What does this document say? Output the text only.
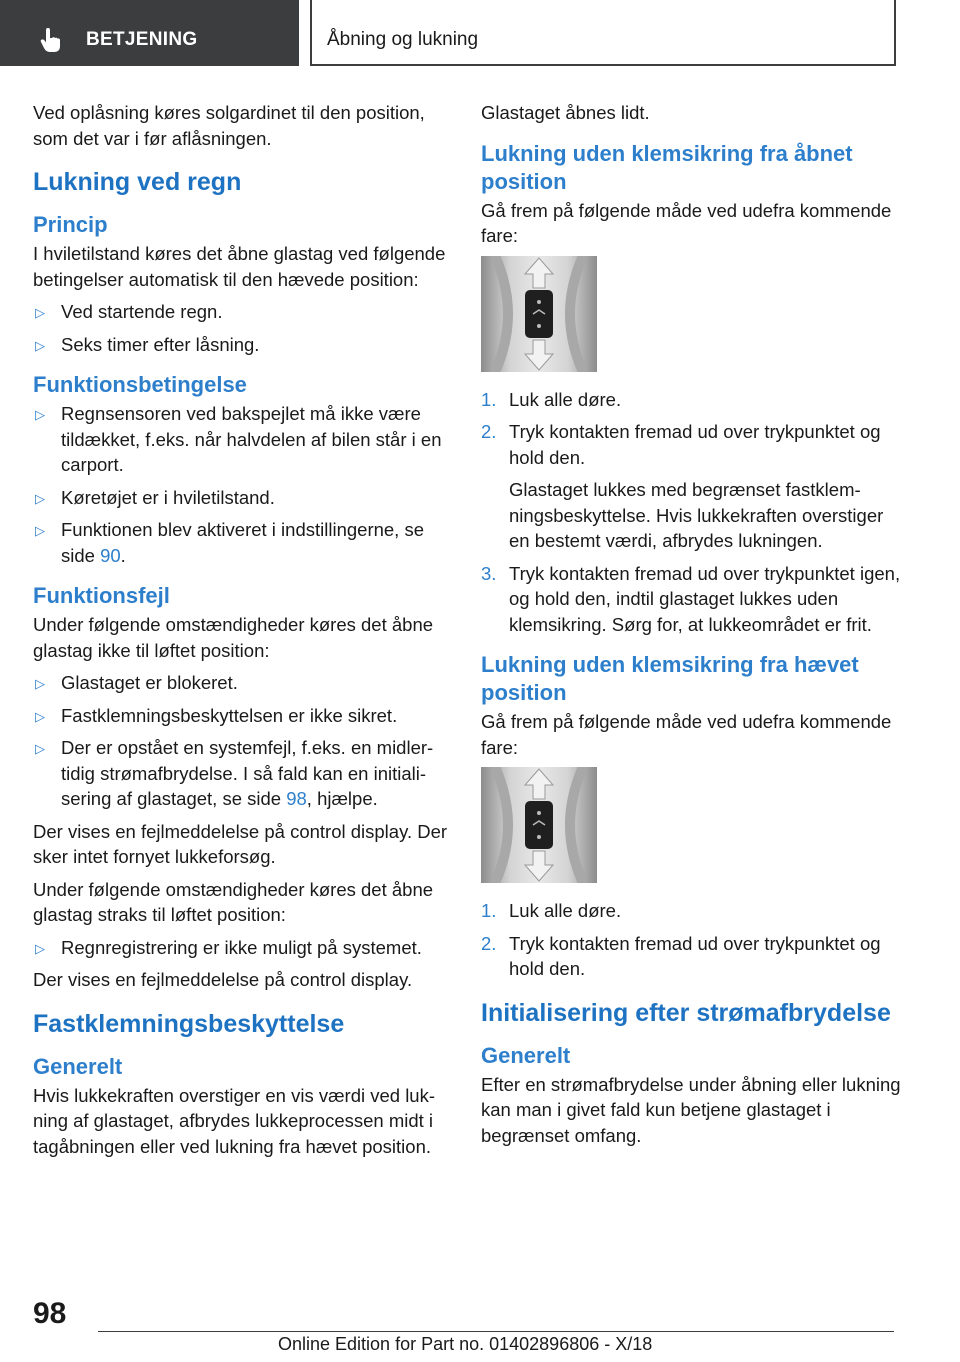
BETJENING	Åbning og lukning

Ved oplåsning køres solgardinet til den position, som det var i før aflåsningen.

Lukning ved regn
Princip

I hviletilstand køres det åbne glastag ved følgende betingelser automatisk til den hævede position:

▷ Ved startende regn.
▷ Seks timer efter låsning.
Funktionsbetingelse
▷ Regnsensoren ved bakspejlet må ikke være tildækket, f.eks. når halvdelen af bilen står i en carport.
▷ Køretøjet er i hviletilstand.
▷ Funktionen blev aktiveret i indstillingerne, se side 90.
Funktionsfejl

Under følgende omstændigheder køres det åbne glastag ikke til løftet position:

▷ Glastaget er blokeret.
▷ Fastklemningsbeskyttelsen er ikke sikret.
▷ Der er opstået en systemfejl, f.eks. en midlertidig strømafbrydelse. I så fald kan en initialisering af glastaget, se side 98, hjælpe.

Der vises en fejlmeddelelse på control display. Der sker intet fornyet lukkeforsøg.

Under følgende omstændigheder køres det åbne glastag straks til løftet position:

▷ Regnregistrering er ikke muligt på systemet.

Der vises en fejlmeddelelse på control display.

Fastklemningsbeskyttelse
Generelt

Hvis lukkekraften overstiger en vis værdi ved lukning af glastaget, afbrydes lukkeprocessen midt i tagåbningen eller ved lukning fra hævet position.

Glastaget åbnes lidt.

Lukning uden klemsikring fra åbnet position

Gå frem på følgende måde ved udefra kommende fare:

1. Luk alle døre.
2. Tryk kontakten fremad ud over trykpunktet og hold den.
Glastaget lukkes med begrænset fastklemningsbeskyttelse. Hvis lukkekraften overstiger en bestemt værdi, afbrydes lukningen.
3. Tryk kontakten fremad ud over trykpunktet igen, og hold den, indtil glastaget lukkes uden klemsikring. Sørg for, at lukkeområdet er frit.
Lukning uden klemsikring fra hævet position

Gå frem på følgende måde ved udefra kommende fare:

1. Luk alle døre.
2. Tryk kontakten fremad ud over trykpunktet og hold den.
Initialisering efter strømafbrydelse
Generelt

Efter en strømafbrydelse under åbning eller lukning kan man i givet fald kun betjene glastaget i begrænset omfang.

98
Online Edition for Part no. 01402896806 - X/18
